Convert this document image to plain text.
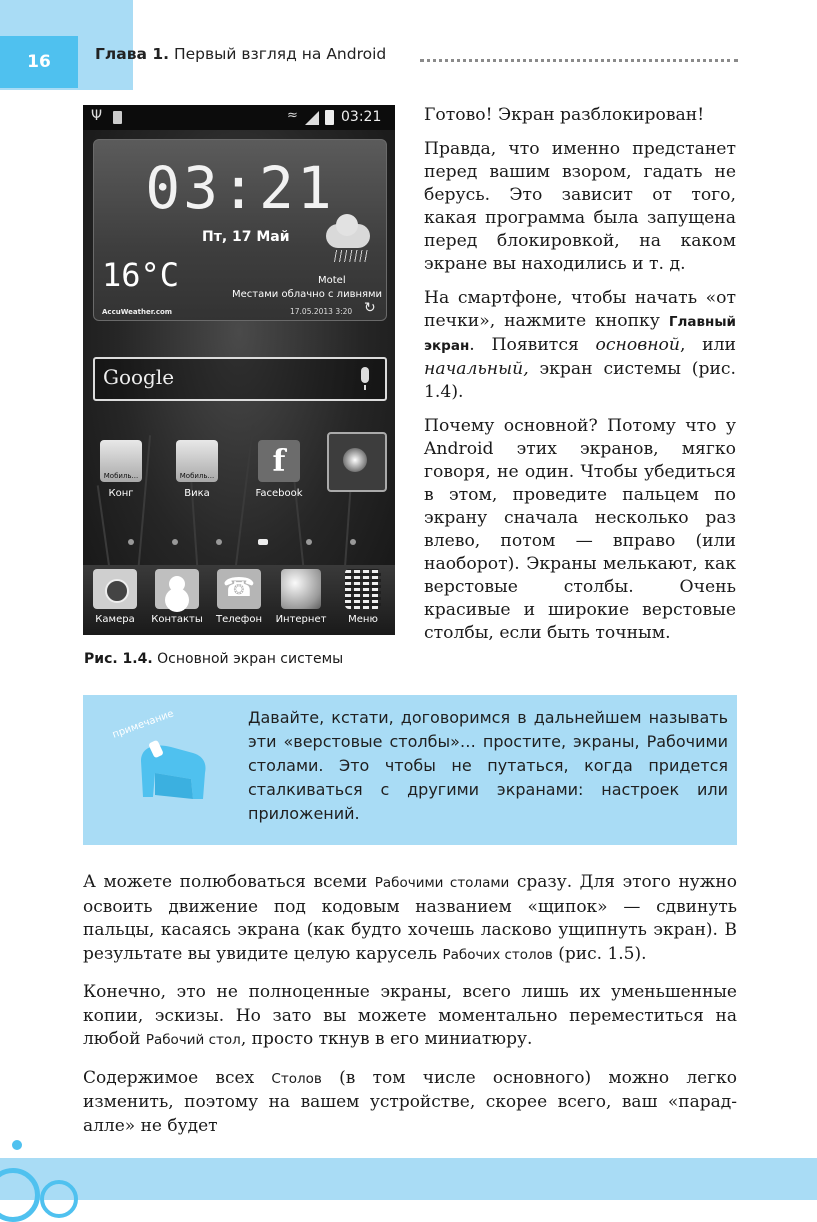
16	Глава 1. Первый взгляд на Android
Ψ	≈	03:21
03:21
Пт, 17 Май
16°C	Motel
Местами облачно с ливнями
AccuWeather.com	17.05.2013 3:20 ↻
Google
Мобиль...
Конг
Мобиль...	Вика
f
Facebook
Камера	Контакты
☎	Телефон	Интернет	Меню
Рис. 1.4. Основной экран системы

Готово! Экран разблокирован!

Правда, что именно предстанет перед вашим взором, гадать не берусь. Это зависит от того, какая программа была запущена перед блокировкой, на каком экране вы находились и т. д.

На смартфоне, чтобы начать «от печки», нажмите кнопку Главный экран. Появится основной, или начальный, экран системы (рис. 1.4).

Почему основной? Потому что у Android этих экранов, мягко говоря, не один. Чтобы убедиться в этом, проведите пальцем по экрану сначала несколько раз влево, потом — вправо (или наоборот). Экраны мелькают, как верстовые столбы. Очень красивые и широкие верстовые столбы, если быть точным.

примечание	Давайте, кстати, договоримся в дальнейшем называть эти «верстовые столбы»… простите, экраны, Рабочими столами. Это чтобы не путаться, когда придется сталкиваться с другими экранами: настроек или приложений.

А можете полюбоваться всеми Рабочими столами сразу. Для этого нужно освоить движение под кодовым названием «щипок» — сдвинуть пальцы, касаясь экрана (как будто хочешь ласково ущипнуть экран). В результате вы увидите целую карусель Рабочих столов (рис. 1.5).

Конечно, это не полноценные экраны, всего лишь их уменьшенные копии, эскизы. Но зато вы можете моментально переместиться на любой Рабочий стол, просто ткнув в его миниатюру.

Содержимое всех Столов (в том числе основного) можно легко изменить, поэтому на вашем устройстве, скорее всего, ваш «парад-алле» не будет
